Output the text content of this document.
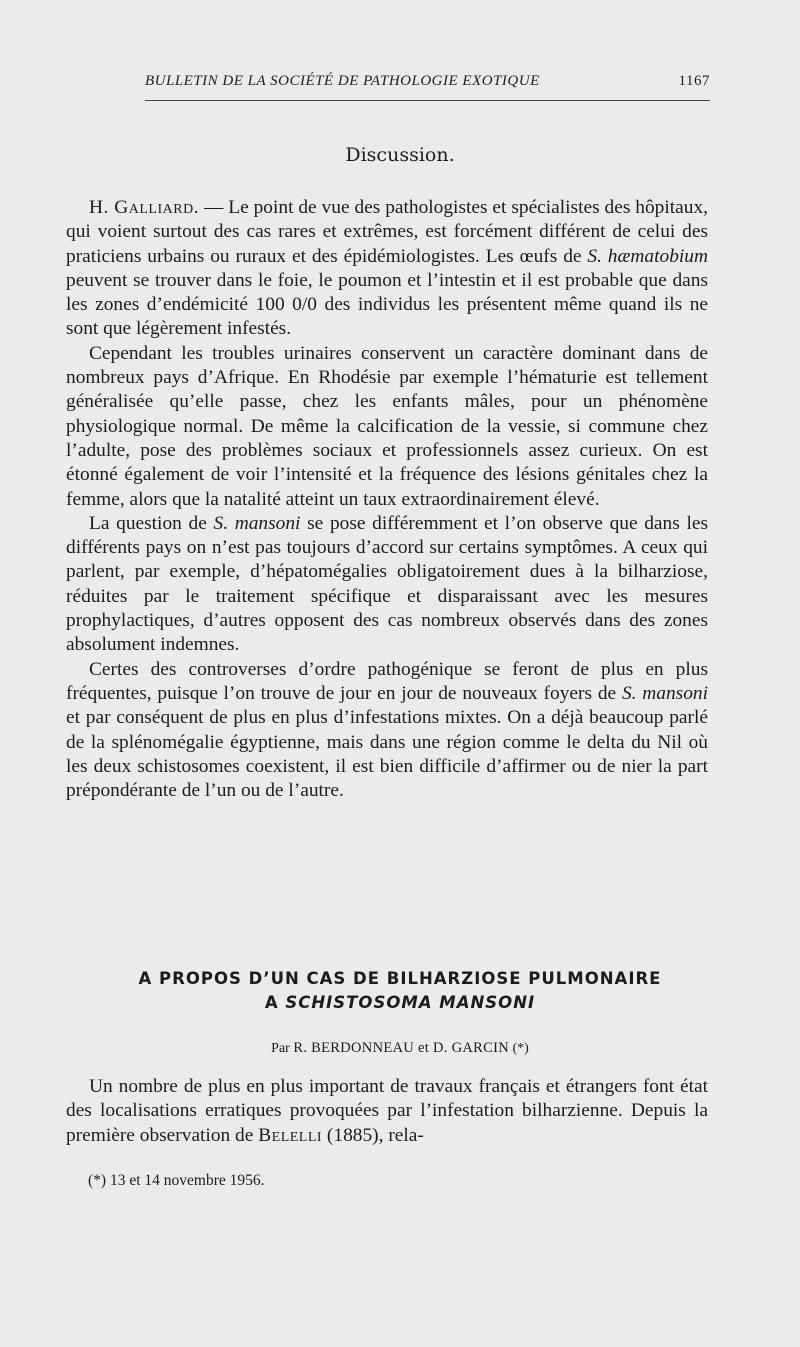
BULLETIN DE LA SOCIÉTÉ DE PATHOLOGIE EXOTIQUE	1167
Discussion.

H. Galliard. — Le point de vue des pathologistes et spécialistes des hôpitaux, qui voient surtout des cas rares et extrêmes, est forcément différent de celui des praticiens urbains ou ruraux et des épidémiologistes. Les œufs de S. hæmatobium peuvent se trouver dans le foie, le poumon et l’intestin et il est probable que dans les zones d’endémicité 100 0/0 des individus les présentent même quand ils ne sont que légèrement infestés.

Cependant les troubles urinaires conservent un caractère dominant dans de nombreux pays d’Afrique. En Rhodésie par exemple l’hématurie est tellement généralisée qu’elle passe, chez les enfants mâles, pour un phénomène physiologique normal. De même la calcification de la vessie, si commune chez l’adulte, pose des problèmes sociaux et professionnels assez curieux. On est étonné également de voir l’intensité et la fréquence des lésions génitales chez la femme, alors que la natalité atteint un taux extraordinairement élevé.

La question de S. mansoni se pose différemment et l’on observe que dans les différents pays on n’est pas toujours d’accord sur certains symptômes. A ceux qui parlent, par exemple, d’hépatomégalies obligatoirement dues à la bilharziose, réduites par le traitement spécifique et disparaissant avec les mesures prophylactiques, d’autres opposent des cas nombreux observés dans des zones absolument indemnes.

Certes des controverses d’ordre pathogénique se feront de plus en plus fréquentes, puisque l’on trouve de jour en jour de nouveaux foyers de S. mansoni et par conséquent de plus en plus d’infestations mixtes. On a déjà beaucoup parlé de la splénomégalie égyptienne, mais dans une région comme le delta du Nil où les deux schistosomes coexistent, il est bien difficile d’affirmer ou de nier la part prépondérante de l’un ou de l’autre.

A PROPOS D’UN CAS DE BILHARZIOSE PULMONAIRE
A SCHISTOSOMA MANSONI
Par R. BERDONNEAU et D. GARCIN (*)

Un nombre de plus en plus important de travaux français et étrangers font état des localisations erratiques provoquées par l’infestation bilharzienne. Depuis la première observation de Belelli (1885), rela-

(*) 13 et 14 novembre 1956.
